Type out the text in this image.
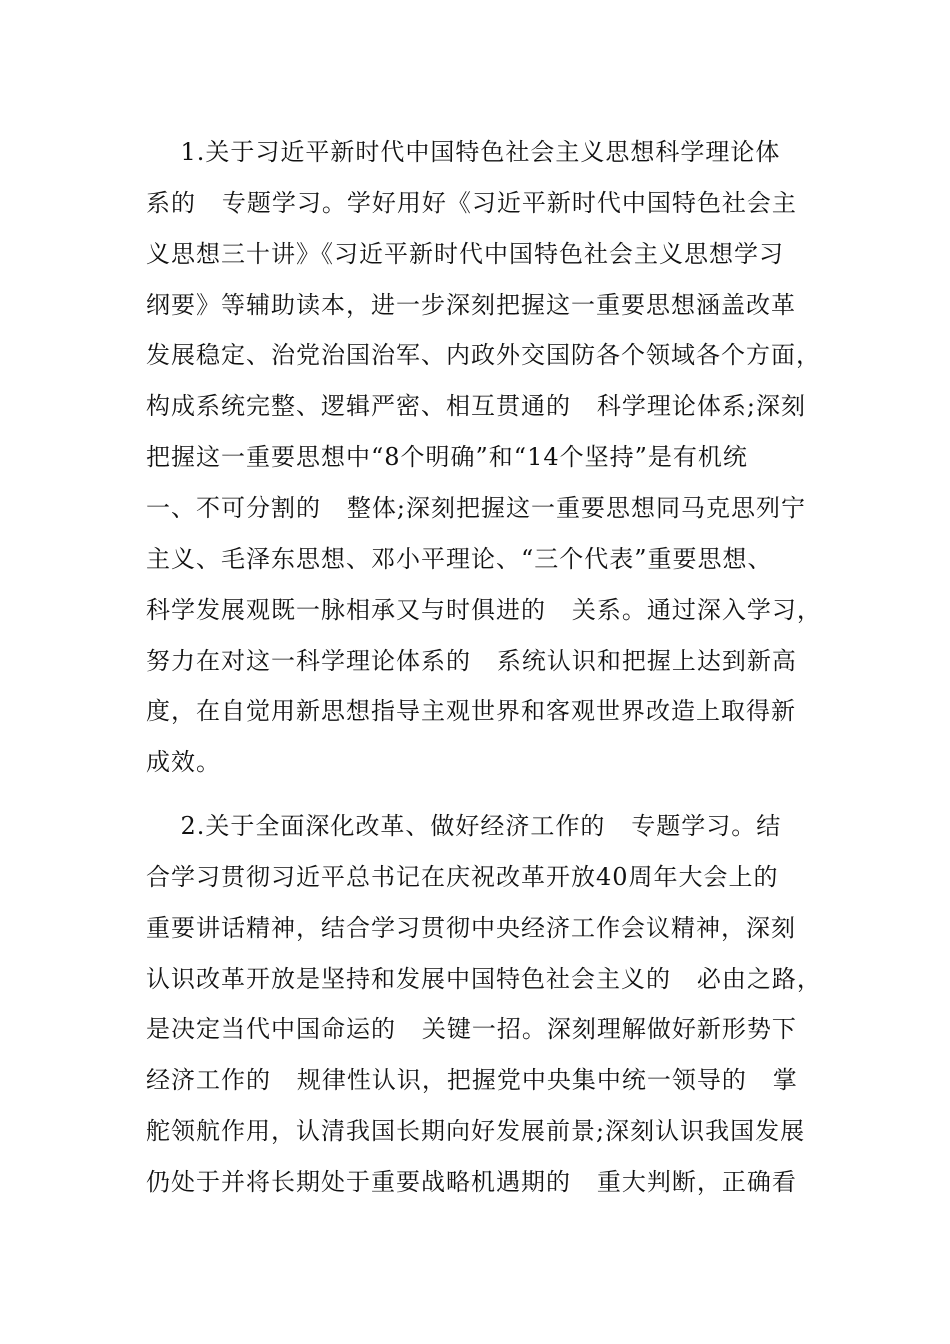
1.关于习近平新时代中国特色社会主义思想科学理论体
系的   专题学习。学好用好《习近平新时代中国特色社会主
义思想三十讲》《习近平新时代中国特色社会主义思想学习
纲要》等辅助读本，进一步深刻把握这一重要思想涵盖改革
发展稳定、治党治国治军、内政外交国防各个领域各个方面，
构成系统完整、逻辑严密、相互贯通的   科学理论体系;深刻
把握这一重要思想中“8个明确”和“14个坚持”是有机统
一、不可分割的   整体;深刻把握这一重要思想同马克思列宁
主义、毛泽东思想、邓小平理论、“三个代表”重要思想、
科学发展观既一脉相承又与时俱进的   关系。通过深入学习，
努力在对这一科学理论体系的   系统认识和把握上达到新高
度，在自觉用新思想指导主观世界和客观世界改造上取得新
成效。
2.关于全面深化改革、做好经济工作的   专题学习。结
合学习贯彻习近平总书记在庆祝改革开放40周年大会上的
重要讲话精神，结合学习贯彻中央经济工作会议精神，深刻
认识改革开放是坚持和发展中国特色社会主义的   必由之路，
是决定当代中国命运的   关键一招。深刻理解做好新形势下
经济工作的   规律性认识，把握党中央集中统一领导的   掌
舵领航作用，认清我国长期向好发展前景;深刻认识我国发展
仍处于并将长期处于重要战略机遇期的   重大判断，正确看
